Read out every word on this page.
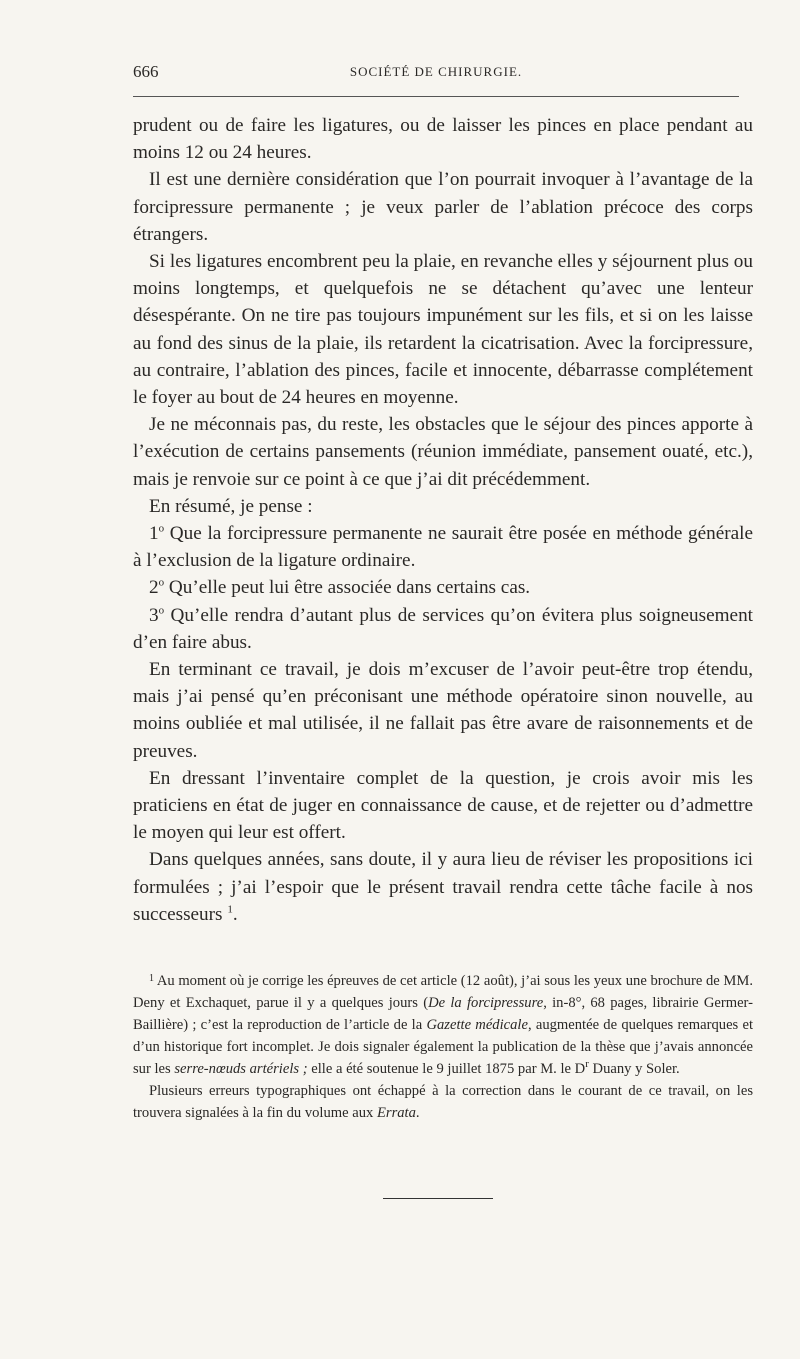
666	SOCIÉTÉ DE CHIRURGIE.

prudent ou de faire les ligatures, ou de laisser les pinces en place pendant au moins 12 ou 24 heures.

Il est une dernière considération que l’on pourrait invoquer à l’avantage de la forcipressure permanente ; je veux parler de l’ablation précoce des corps étrangers.

Si les ligatures encombrent peu la plaie, en revanche elles y séjournent plus ou moins longtemps, et quelquefois ne se détachent qu’avec une lenteur désespérante. On ne tire pas toujours impunément sur les fils, et si on les laisse au fond des sinus de la plaie, ils retardent la cicatrisation. Avec la forcipressure, au contraire, l’ablation des pinces, facile et innocente, débarrasse complétement le foyer au bout de 24 heures en moyenne.

Je ne méconnais pas, du reste, les obstacles que le séjour des pinces apporte à l’exécution de certains pansements (réunion immédiate, pansement ouaté, etc.), mais je renvoie sur ce point à ce que j’ai dit précédemment.

En résumé, je pense :

1$^o$ Que la forcipressure permanente ne saurait être posée en méthode générale à l’exclusion de la ligature ordinaire.

2$^o$ Qu’elle peut lui être associée dans certains cas.

3$^o$ Qu’elle rendra d’autant plus de services qu’on évitera plus soigneusement d’en faire abus.

En terminant ce travail, je dois m’excuser de l’avoir peut-être trop étendu, mais j’ai pensé qu’en préconisant une méthode opératoire sinon nouvelle, au moins oubliée et mal utilisée, il ne fallait pas être avare de raisonnements et de preuves.

En dressant l’inventaire complet de la question, je crois avoir mis les praticiens en état de juger en connaissance de cause, et de rejetter ou d’admettre le moyen qui leur est offert.

Dans quelques années, sans doute, il y aura lieu de réviser les propositions ici formulées ; j’ai l’espoir que le présent travail rendra cette tâche facile à nos successeurs $^1$.

$^1$ Au moment où je corrige les épreuves de cet article (12 août), j’ai sous les yeux une brochure de MM. Deny et Exchaquet, parue il y a quelques jours (De la forcipressure, in-8°, 68 pages, librairie Germer-Baillière) ; c’est la reproduction de l’article de la Gazette médicale, augmentée de quelques remarques et d’un historique fort incomplet. Je dois signaler également la publication de la thèse que j’avais annoncée sur les serre-nœuds artériels ; elle a été soutenue le 9 juillet 1875 par M. le $D^r$ Duany y Soler.

Plusieurs erreurs typographiques ont échappé à la correction dans le courant de ce travail, on les trouvera signalées à la fin du volume aux Errata.
